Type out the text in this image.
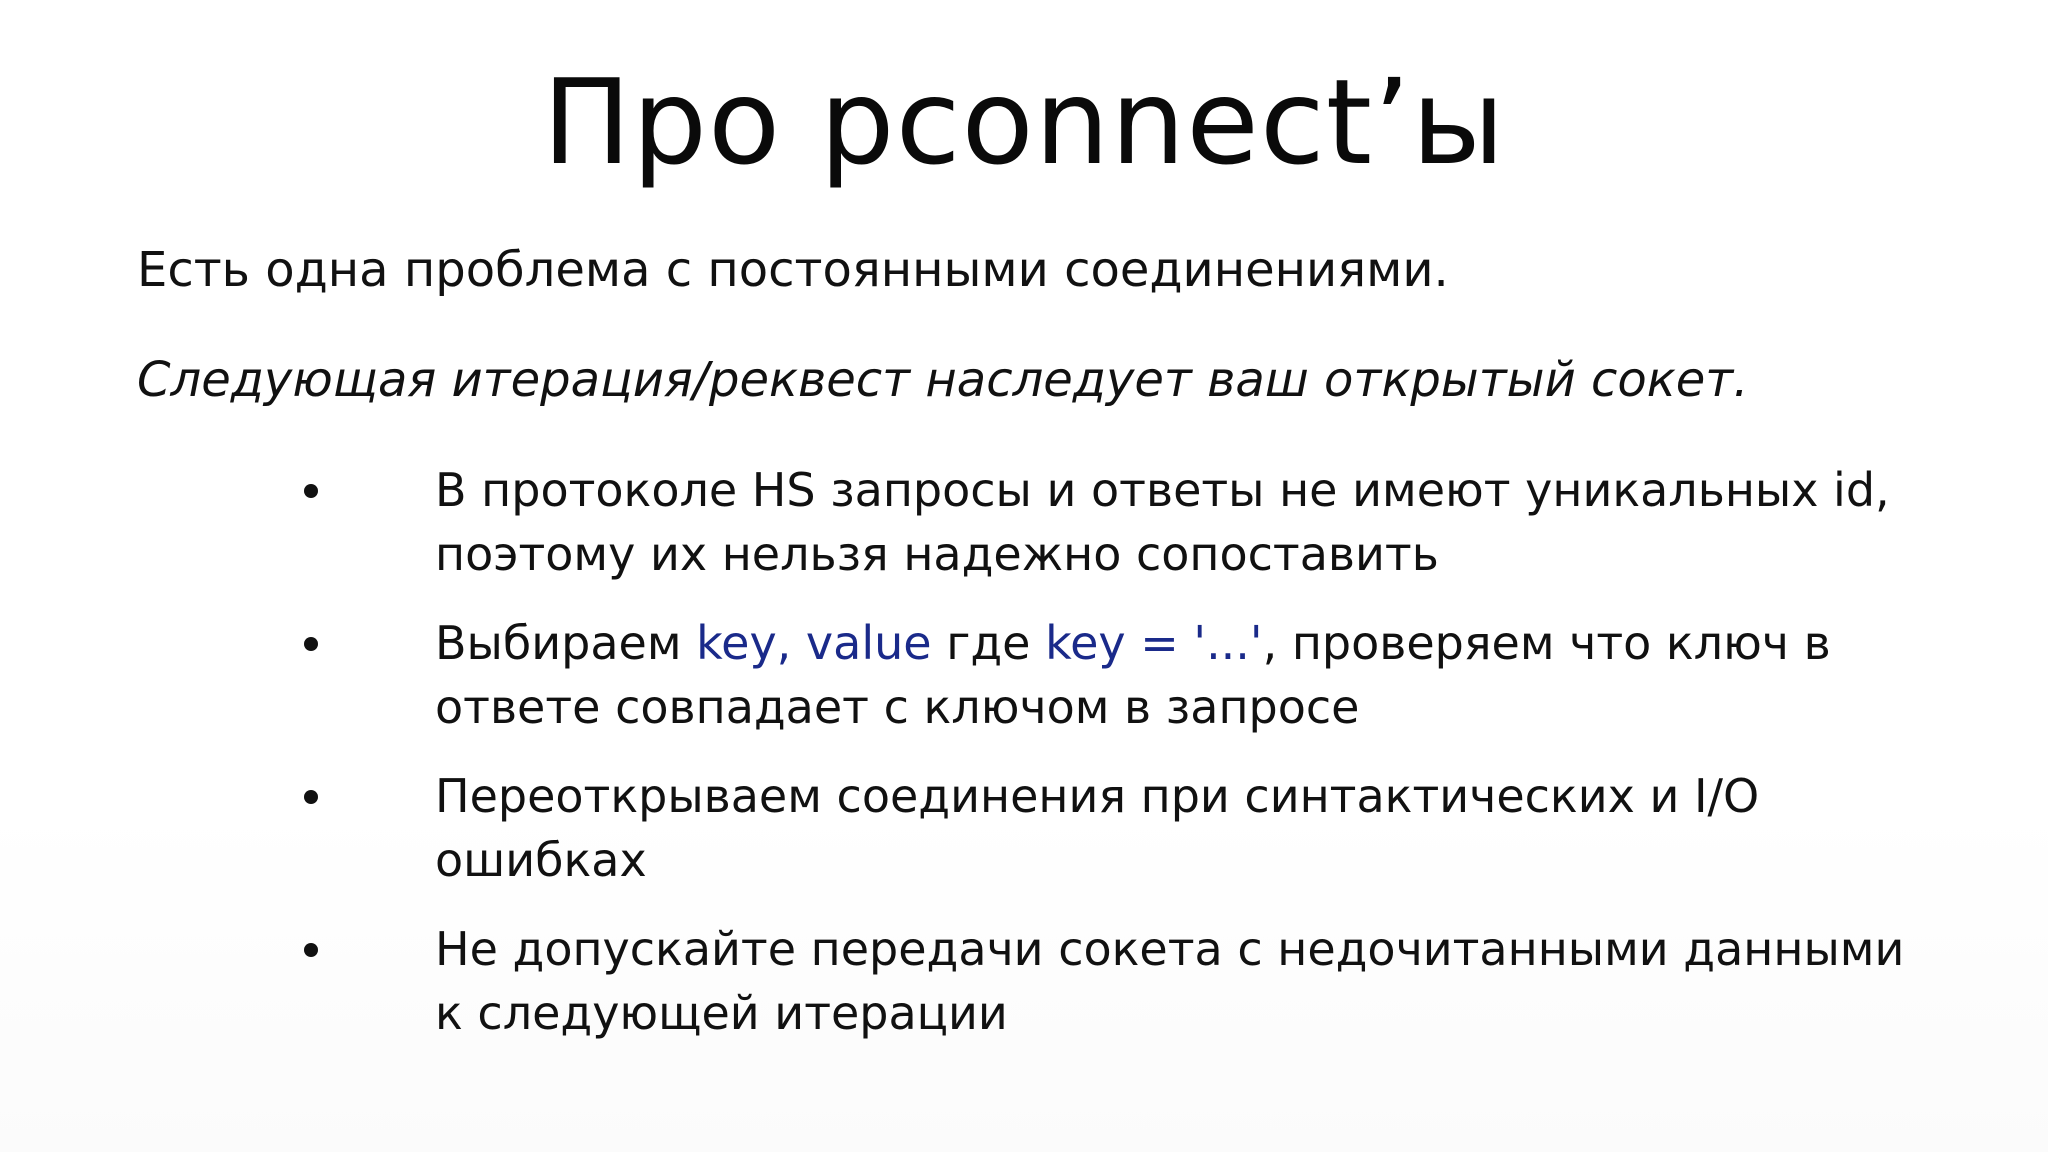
Про pconnect’ы
Есть одна проблема с постоянными соединениями.
Следующая итерация/реквест наследует ваш открытый сокет.
В протоколе HS запросы и ответы не имеют уникальных id, поэтому их нельзя надежно сопоставить
Выбираем key, value где key = '...', проверяем что ключ в ответе совпадает с ключом в запросе
Переоткрываем соединения при синтактических и I/O ошибках
Не допускайте передачи сокета с недочитанными данными к следующей итерации
